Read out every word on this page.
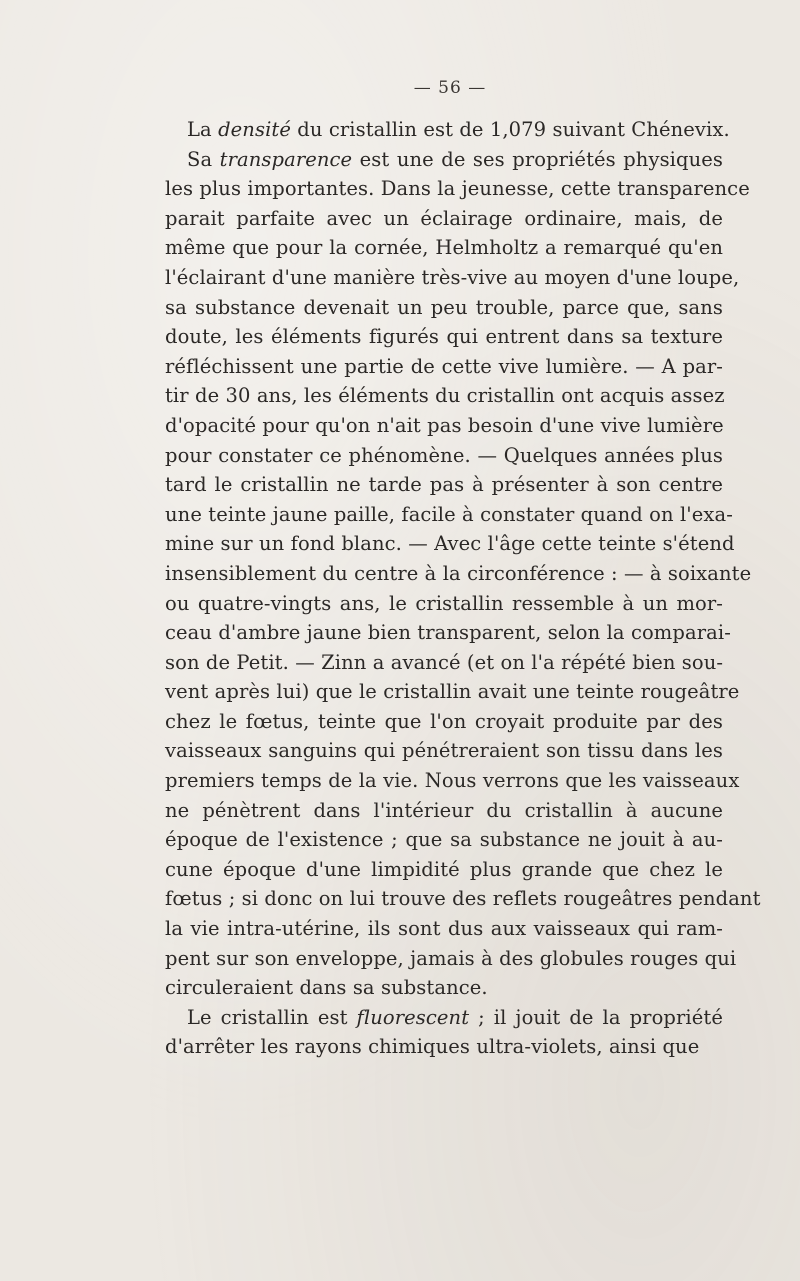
— 56 —
La densité du cristallin est de 1,079 suivant Chénevix.
Sa transparence est une de ses propriétés physiques
les plus importantes. Dans la jeunesse, cette transparence
parait parfaite avec un éclairage ordinaire, mais, de
même que pour la cornée, Helmholtz a remarqué qu'en
l'éclairant d'une manière très-vive au moyen d'une loupe,
sa substance devenait un peu trouble, parce que, sans
doute, les éléments figurés qui entrent dans sa texture
réfléchissent une partie de cette vive lumière. — A par-
tir de 30 ans, les éléments du cristallin ont acquis assez
d'opacité pour qu'on n'ait pas besoin d'une vive lumière
pour constater ce phénomène. — Quelques années plus
tard le cristallin ne tarde pas à présenter à son centre
une teinte jaune paille, facile à constater quand on l'exa-
mine sur un fond blanc. — Avec l'âge cette teinte s'étend
insensiblement du centre à la circonférence : — à soixante
ou quatre-vingts ans, le cristallin ressemble à un mor-
ceau d'ambre jaune bien transparent, selon la comparai-
son de Petit. — Zinn a avancé (et on l'a répété bien sou-
vent après lui) que le cristallin avait une teinte rougeâtre
chez le fœtus, teinte que l'on croyait produite par des
vaisseaux sanguins qui pénétreraient son tissu dans les
premiers temps de la vie. Nous verrons que les vaisseaux
ne pénètrent dans l'intérieur du cristallin à aucune
époque de l'existence ; que sa substance ne jouit à au-
cune époque d'une limpidité plus grande que chez le
fœtus ; si donc on lui trouve des reflets rougeâtres pendant
la vie intra-utérine, ils sont dus aux vaisseaux qui ram-
pent sur son enveloppe, jamais à des globules rouges qui
circuleraient dans sa substance.
Le cristallin est fluorescent ; il jouit de la propriété
d'arrêter les rayons chimiques ultra-violets, ainsi que
